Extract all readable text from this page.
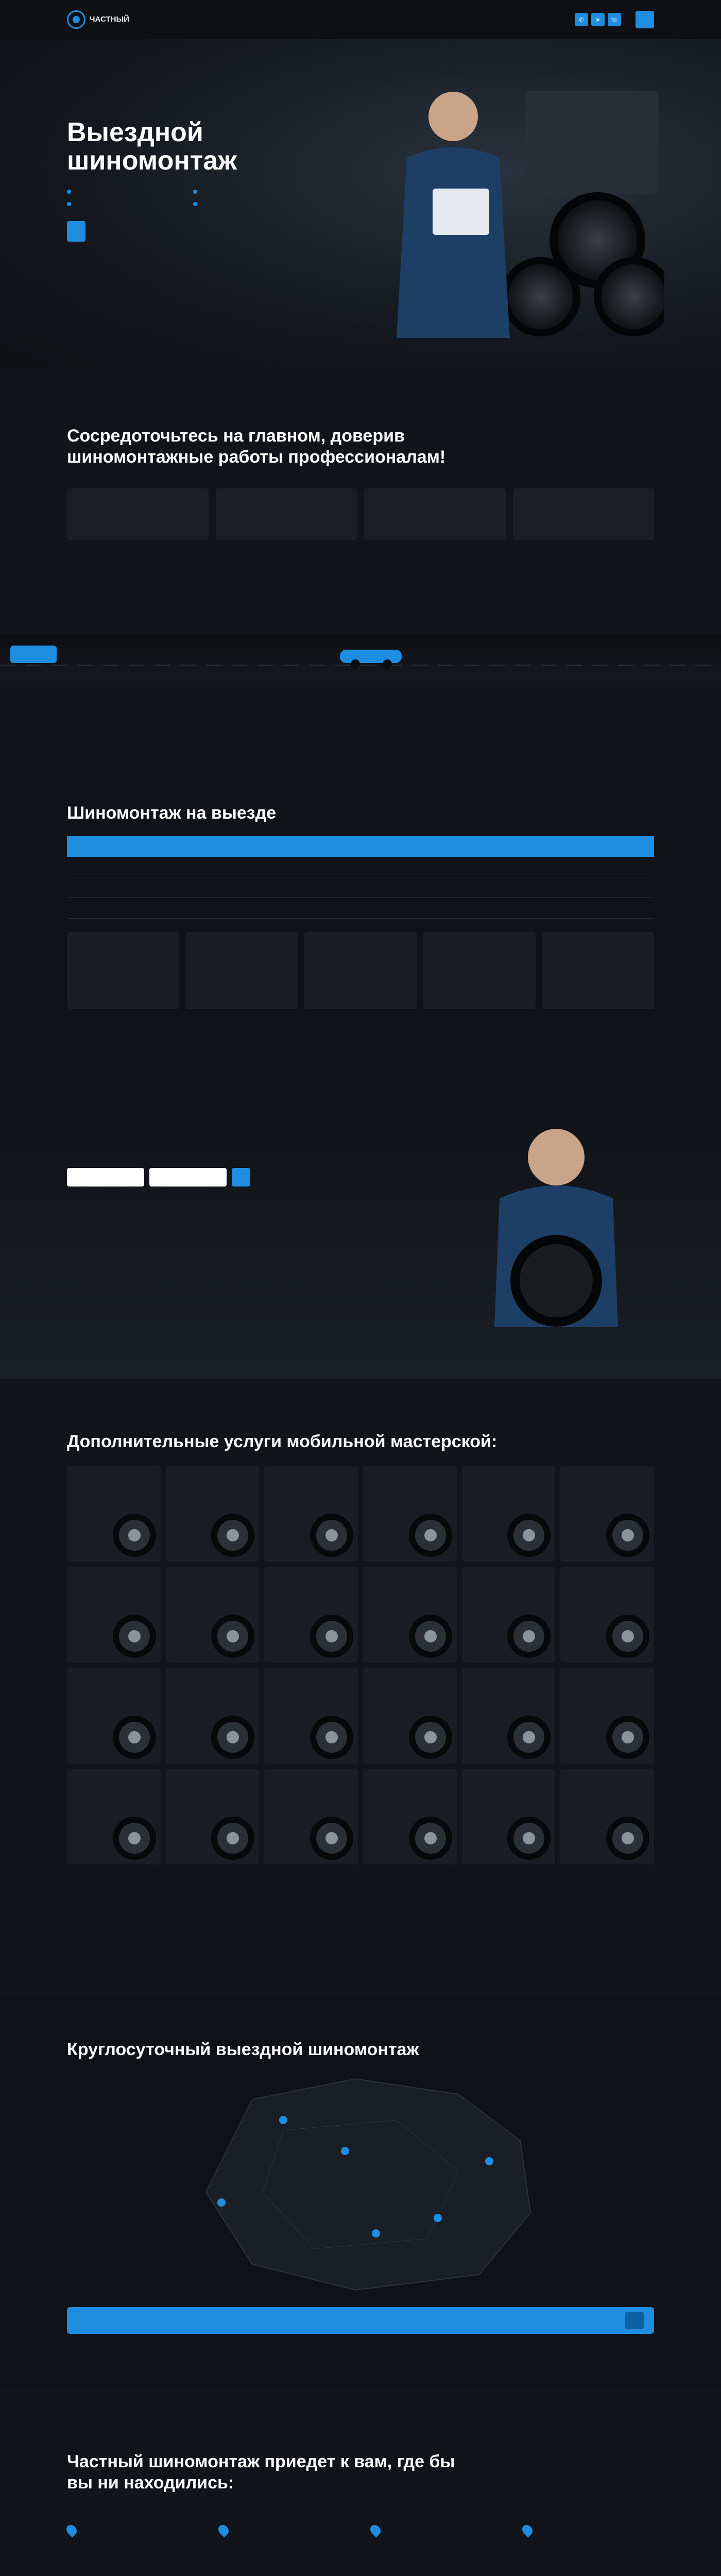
ЧАСТНЫЙ	✆	➤	☏
Выездной шиномонтаж

Сосредоточьтесь на главном, доверив шиномонтажные работы профессионалам!
Шиномонтаж на выезде

Дополнительные услуги мобильной мастерской:

Круглосуточный выездной шиномонтаж
Частный шиномонтаж приедет к вам, где бы вы ни находились:
